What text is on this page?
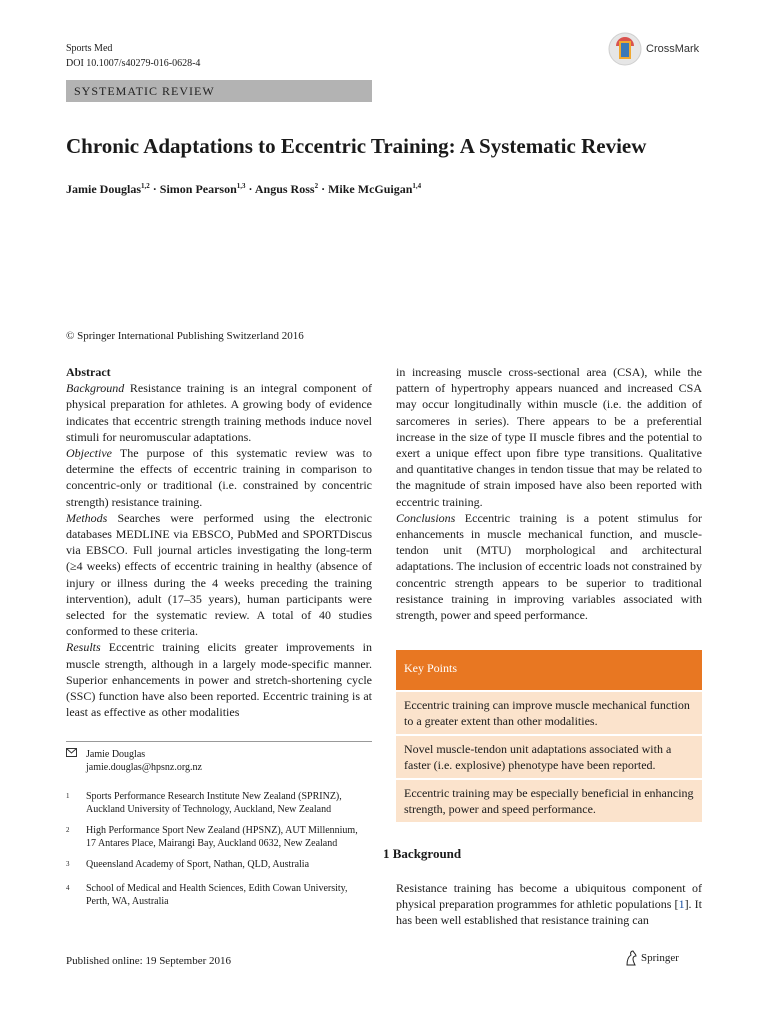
Sports Med
DOI 10.1007/s40279-016-0628-4
SYSTEMATIC REVIEW
CrossMark
Chronic Adaptations to Eccentric Training: A Systematic Review
Jamie Douglas$^{1,2}$ · Simon Pearson$^{1,3}$ · Angus Ross$^2$ · Mike McGuigan$^{1,4}$
© Springer International Publishing Switzerland 2016

Abstract

Background Resistance training is an integral component of physical preparation for athletes. A growing body of evidence indicates that eccentric strength training methods induce novel stimuli for neuromuscular adaptations.

Objective The purpose of this systematic review was to determine the effects of eccentric training in comparison to concentric-only or traditional (i.e. constrained by concentric strength) resistance training.

Methods Searches were performed using the electronic databases MEDLINE via EBSCO, PubMed and SPORTDiscus via EBSCO. Full journal articles investigating the long-term (≥4 weeks) effects of eccentric training in healthy (absence of injury or illness during the 4 weeks preceding the training intervention), adult (17–35 years), human participants were selected for the systematic review. A total of 40 studies conformed to these criteria.

Results Eccentric training elicits greater improvements in muscle strength, although in a largely mode-specific manner. Superior enhancements in power and stretch-shortening cycle (SSC) function have also been reported. Eccentric training is at least as effective as other modalities

in increasing muscle cross-sectional area (CSA), while the pattern of hypertrophy appears nuanced and increased CSA may occur longitudinally within muscle (i.e. the addition of sarcomeres in series). There appears to be a preferential increase in the size of type II muscle fibres and the potential to exert a unique effect upon fibre type transitions. Qualitative and quantitative changes in tendon tissue that may be related to the magnitude of strain imposed have also been reported with eccentric training.

Conclusions Eccentric training is a potent stimulus for enhancements in muscle mechanical function, and muscle-tendon unit (MTU) morphological and architectural adaptations. The inclusion of eccentric loads not constrained by concentric strength appears to be superior to traditional resistance training in improving variables associated with strength, power and speed performance.

Key Points
Eccentric training can improve muscle mechanical function to a greater extent than other modalities.
Novel muscle-tendon unit adaptations associated with a faster (i.e. explosive) phenotype have been reported.
Eccentric training may be especially beneficial in enhancing strength, power and speed performance.
Jamie Douglas
jamie.douglas@hpsnz.org.nz
$^1$	Sports Performance Research Institute New Zealand (SPRINZ), Auckland University of Technology, Auckland, New Zealand
$^2$	High Performance Sport New Zealand (HPSNZ), AUT Millennium, 17 Antares Place, Mairangi Bay, Auckland 0632, New Zealand
$^3$	Queensland Academy of Sport, Nathan, QLD, Australia
$^4$	School of Medical and Health Sciences, Edith Cowan University, Perth, WA, Australia
1 Background

Resistance training has become a ubiquitous component of physical preparation programmes for athletic populations [1]. It has been well established that resistance training can

Published online: 19 September 2016	Springer
